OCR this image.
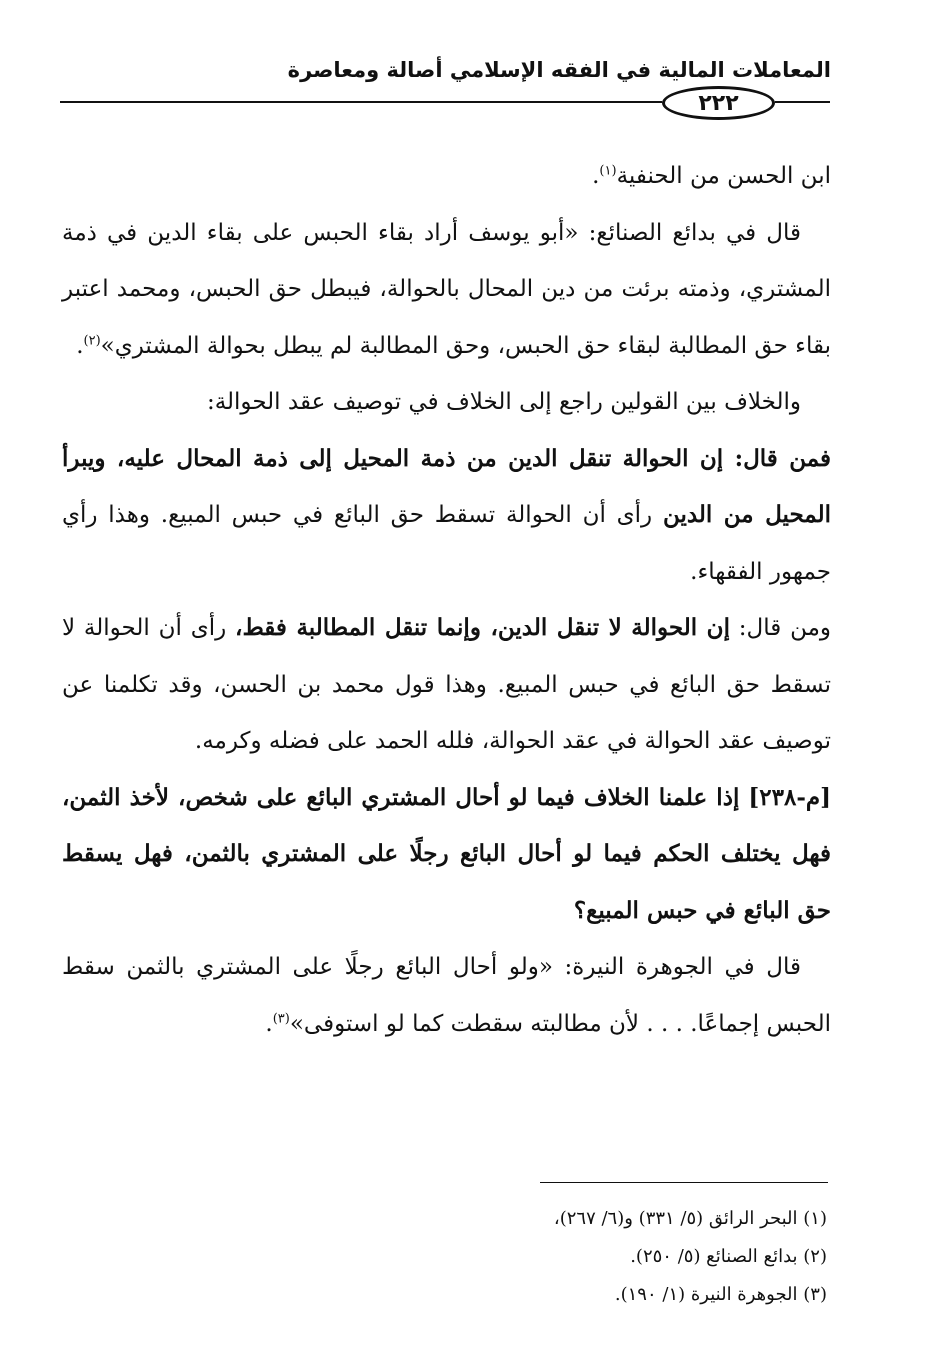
المعاملات المالية في الفقه الإسلامي أصالة ومعاصرة
٢٢٢

ابن الحسن من الحنفية$^{(١)}$.

قال في بدائع الصنائع: «أبو يوسف أراد بقاء الحبس على بقاء الدين في ذمة المشتري، وذمته برئت من دين المحال بالحوالة، فيبطل حق الحبس، ومحمد اعتبر بقاء حق المطالبة لبقاء حق الحبس، وحق المطالبة لم يبطل بحوالة المشتري»$^{(٢)}$.

والخلاف بين القولين راجع إلى الخلاف في توصيف عقد الحوالة:

فمن قال: إن الحوالة تنقل الدين من ذمة المحيل إلى ذمة المحال عليه، ويبرأ المحيل من الدين رأى أن الحوالة تسقط حق البائع في حبس المبيع. وهذا رأي جمهور الفقهاء.

ومن قال: إن الحوالة لا تنقل الدين، وإنما تنقل المطالبة فقط، رأى أن الحوالة لا تسقط حق البائع في حبس المبيع. وهذا قول محمد بن الحسن، وقد تكلمنا عن توصيف عقد الحوالة في عقد الحوالة، فلله الحمد على فضله وكرمه.

[م-٢٣٨] إذا علمنا الخلاف فيما لو أحال المشتري البائع على شخص، لأخذ الثمن، فهل يختلف الحكم فيما لو أحال البائع رجلًا على المشتري بالثمن، فهل يسقط حق البائع في حبس المبيع؟

قال في الجوهرة النيرة: «ولو أحال البائع رجلًا على المشتري بالثمن سقط الحبس إجماعًا. . . . لأن مطالبته سقطت كما لو استوفى»$^{(٣)}$.

(١) البحر الرائق (٥/ ٣٣١) و(٦/ ٢٦٧)،

(٢) بدائع الصنائع (٥/ ٢٥٠).

(٣) الجوهرة النيرة (١/ ١٩٠).
